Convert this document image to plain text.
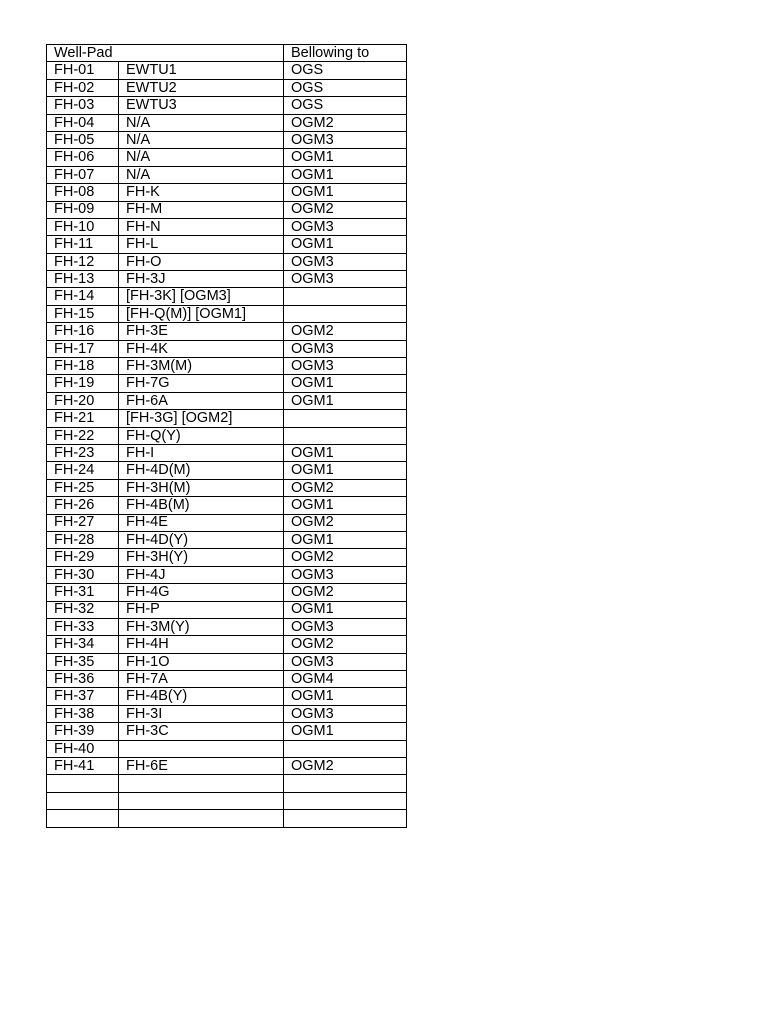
Well-Pad		Bellowing to
FH-01	EWTU1	OGS
FH-02	EWTU2	OGS
FH-03	EWTU3	OGS
FH-04	N/A	OGM2
FH-05	N/A	OGM3
FH-06	N/A	OGM1
FH-07	N/A	OGM1
FH-08	FH-K	OGM1
FH-09	FH-M	OGM2
FH-10	FH-N	OGM3
FH-11	FH-L	OGM1
FH-12	FH-O	OGM3
FH-13	FH-3J	OGM3
FH-14	[FH-3K] [OGM3]	
FH-15	[FH-Q(M)] [OGM1]	
FH-16	FH-3E	OGM2
FH-17	FH-4K	OGM3
FH-18	FH-3M(M)	OGM3
FH-19	FH-7G	OGM1
FH-20	FH-6A	OGM1
FH-21	[FH-3G] [OGM2]	
FH-22	FH-Q(Y)	
FH-23	FH-I	OGM1
FH-24	FH-4D(M)	OGM1
FH-25	FH-3H(M)	OGM2
FH-26	FH-4B(M)	OGM1
FH-27	FH-4E	OGM2
FH-28	FH-4D(Y)	OGM1
FH-29	FH-3H(Y)	OGM2
FH-30	FH-4J	OGM3
FH-31	FH-4G	OGM2
FH-32	FH-P	OGM1
FH-33	FH-3M(Y)	OGM3
FH-34	FH-4H	OGM2
FH-35	FH-1O	OGM3
FH-36	FH-7A	OGM4
FH-37	FH-4B(Y)	OGM1
FH-38	FH-3I	OGM3
FH-39	FH-3C	OGM1
FH-40		
FH-41	FH-6E	OGM2
